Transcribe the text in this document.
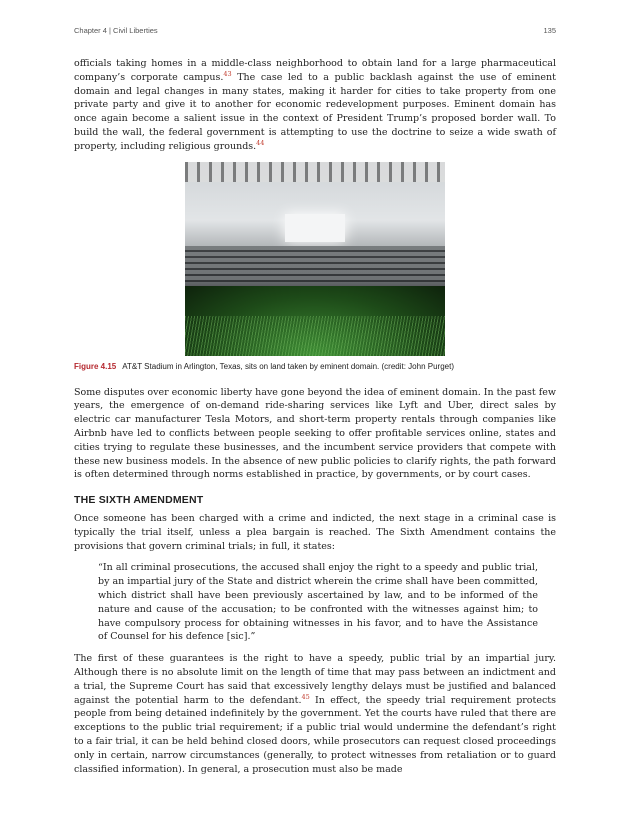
Chapter 4 | Civil Liberties	135

officials taking homes in a middle-class neighborhood to obtain land for a large pharmaceutical company’s corporate campus.$^{43}$ The case led to a public backlash against the use of eminent domain and legal changes in many states, making it harder for cities to take property from one private party and give it to another for economic redevelopment purposes. Eminent domain has once again become a salient issue in the context of President Trump’s proposed border wall. To build the wall, the federal government is attempting to use the doctrine to seize a wide swath of property, including religious grounds.$^{44}$

Figure 4.15 AT&T Stadium in Arlington, Texas, sits on land taken by eminent domain. (credit: John Purget)

Some disputes over economic liberty have gone beyond the idea of eminent domain. In the past few years, the emergence of on-demand ride-sharing services like Lyft and Uber, direct sales by electric car manufacturer Tesla Motors, and short-term property rentals through companies like Airbnb have led to conflicts between people seeking to offer profitable services online, states and cities trying to regulate these businesses, and the incumbent service providers that compete with these new business models. In the absence of new public policies to clarify rights, the path forward is often determined through norms established in practice, by governments, or by court cases.

THE SIXTH AMENDMENT

Once someone has been charged with a crime and indicted, the next stage in a criminal case is typically the trial itself, unless a plea bargain is reached. The Sixth Amendment contains the provisions that govern criminal trials; in full, it states:

“In all criminal prosecutions, the accused shall enjoy the right to a speedy and public trial, by an impartial jury of the State and district wherein the crime shall have been committed, which district shall have been previously ascertained by law, and to be informed of the nature and cause of the accusation; to be confronted with the witnesses against him; to have compulsory process for obtaining witnesses in his favor, and to have the Assistance of Counsel for his defence [sic].”

The first of these guarantees is the right to have a speedy, public trial by an impartial jury. Although there is no absolute limit on the length of time that may pass between an indictment and a trial, the Supreme Court has said that excessively lengthy delays must be justified and balanced against the potential harm to the defendant.$^{45}$ In effect, the speedy trial requirement protects people from being detained indefinitely by the government. Yet the courts have ruled that there are exceptions to the public trial requirement; if a public trial would undermine the defendant’s right to a fair trial, it can be held behind closed doors, while prosecutors can request closed proceedings only in certain, narrow circumstances (generally, to protect witnesses from retaliation or to guard classified information). In general, a prosecution must also be made
